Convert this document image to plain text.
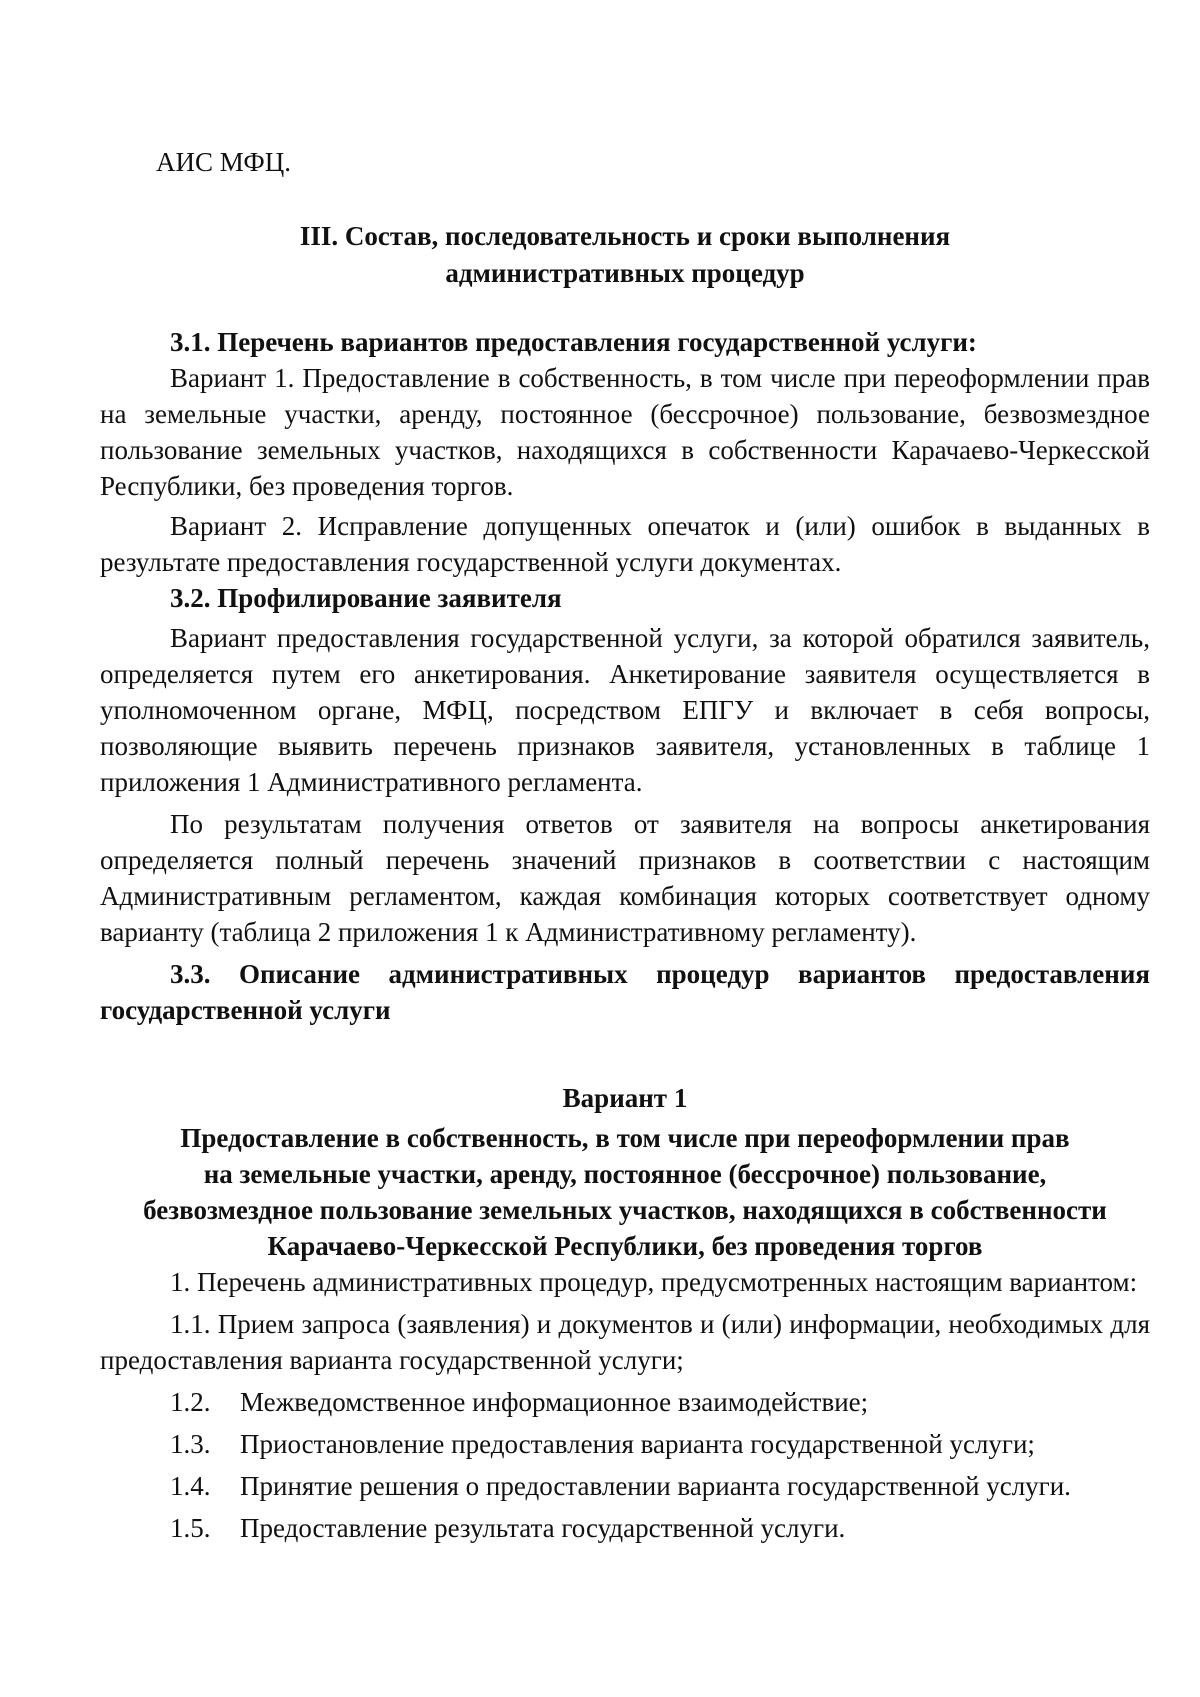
АИС МФЦ.

III. Состав, последовательность и сроки выполнения
административных процедур

3.1. Перечень вариантов предоставления государственной услуги:

Вариант 1. Предоставление в собственность, в том числе при переоформлении прав на земельные участки, аренду, постоянное (бессрочное) пользование, безвозмездное пользование земельных участков, находящихся в собственности Карачаево-Черкесской Республики, без проведения торгов.

Вариант 2. Исправление допущенных опечаток и (или) ошибок в выданных в результате предоставления государственной услуги документах.

3.2. Профилирование заявителя

Вариант предоставления государственной услуги, за которой обратился заявитель, определяется путем его анкетирования. Анкетирование заявителя осуществляется в уполномоченном органе, МФЦ, посредством ЕПГУ и включает в себя вопросы, позволяющие выявить перечень признаков заявителя, установленных в таблице 1 приложения 1 Административного регламента.

По результатам получения ответов от заявителя на вопросы анкетирования определяется полный перечень значений признаков в соответствии с настоящим Административным регламентом, каждая комбинация которых соответствует одному варианту (таблица 2 приложения 1 к Административному регламенту).

3.3. Описание административных процедур вариантов предоставления государственной услуги

Вариант 1
Предоставление в собственность, в том числе при переоформлении прав
на земельные участки, аренду, постоянное (бессрочное) пользование,
безвозмездное пользование земельных участков, находящихся в собственности
Карачаево-Черкесской Республики, без проведения торгов

1. Перечень административных процедур, предусмотренных настоящим вариантом:

1.1. Прием запроса (заявления) и документов и (или) информации, необходимых для предоставления варианта государственной услуги;

1.2.	Межведомственное информационное взаимодействие;
1.3.	Приостановление предоставления варианта государственной услуги;
1.4.	Принятие решения о предоставлении варианта государственной услуги.
1.5.	Предоставление результата государственной услуги.
